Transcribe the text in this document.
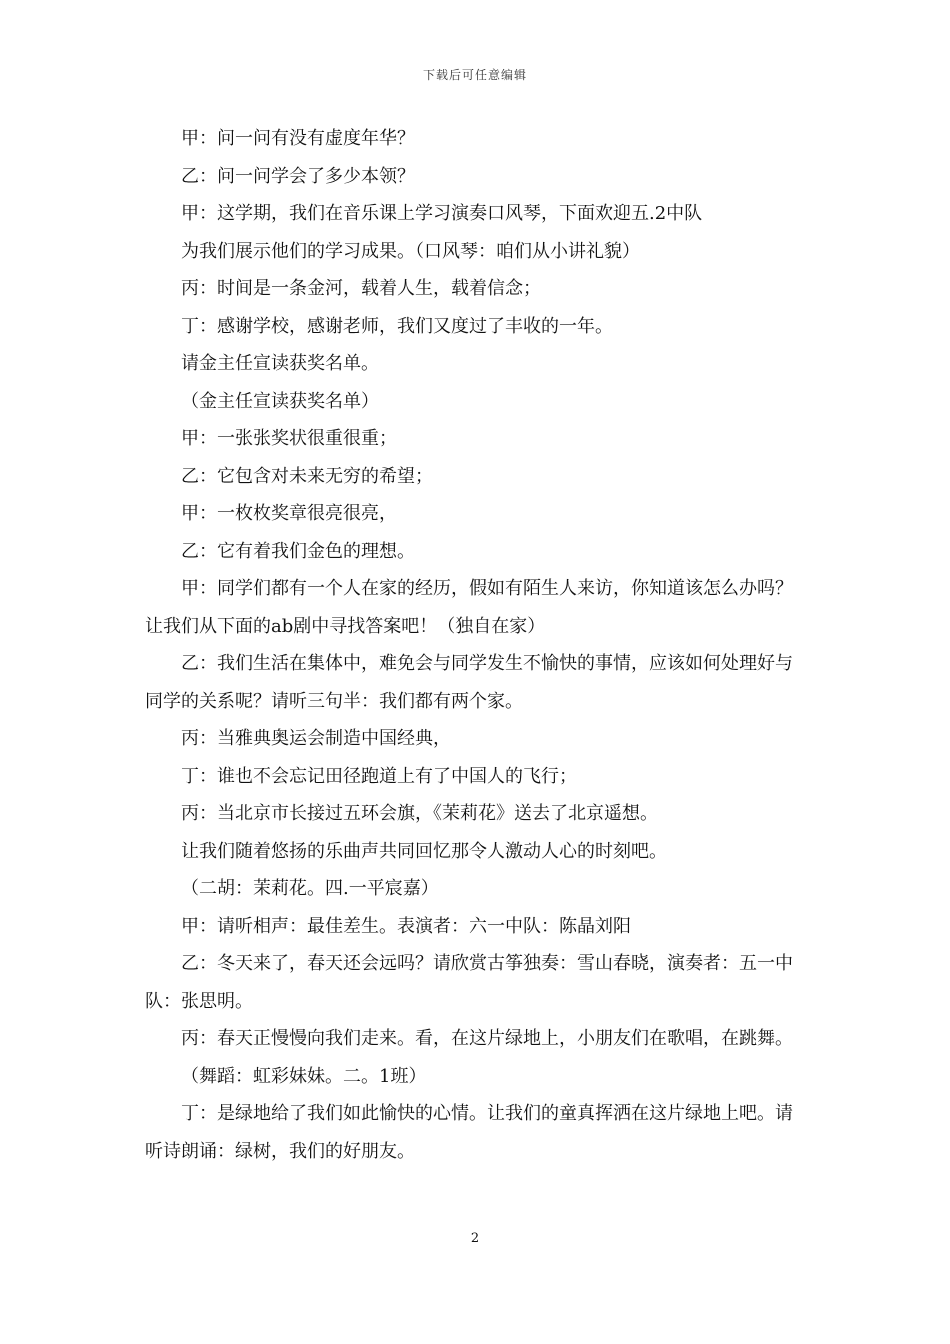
下载后可任意编辑

甲：问一问有没有虚度年华？

乙：问一问学会了多少本领？

甲：这学期，我们在音乐课上学习演奏口风琴，下面欢迎五.2中队

为我们展示他们的学习成果。（口风琴：咱们从小讲礼貌）

丙：时间是一条金河，载着人生，载着信念；

丁：感谢学校，感谢老师，我们又度过了丰收的一年。

请金主任宣读获奖名单。

（金主任宣读获奖名单）

甲：一张张奖状很重很重；

乙：它包含对未来无穷的希望；

甲：一枚枚奖章很亮很亮，

乙：它有着我们金色的理想。

甲：同学们都有一个人在家的经历，假如有陌生人来访，你知道该怎么办吗？让我们从下面的ab剧中寻找答案吧！（独自在家）

乙：我们生活在集体中，难免会与同学发生不愉快的事情，应该如何处理好与同学的关系呢？请听三句半：我们都有两个家。

丙：当雅典奥运会制造中国经典，

丁：谁也不会忘记田径跑道上有了中国人的飞行；

丙：当北京市长接过五环会旗，《茉莉花》送去了北京遥想。

让我们随着悠扬的乐曲声共同回忆那令人激动人心的时刻吧。

（二胡：茉莉花。四.一平宸嘉）

甲：请听相声：最佳差生。表演者：六一中队：陈晶刘阳

乙：冬天来了，春天还会远吗？请欣赏古筝独奏：雪山春晓，演奏者：五一中队：张思明。

丙：春天正慢慢向我们走来。看，在这片绿地上，小朋友们在歌唱，在跳舞。

（舞蹈：虹彩妹妹。二。1班）

丁：是绿地给了我们如此愉快的心情。让我们的童真挥洒在这片绿地上吧。请听诗朗诵：绿树，我们的好朋友。

2
